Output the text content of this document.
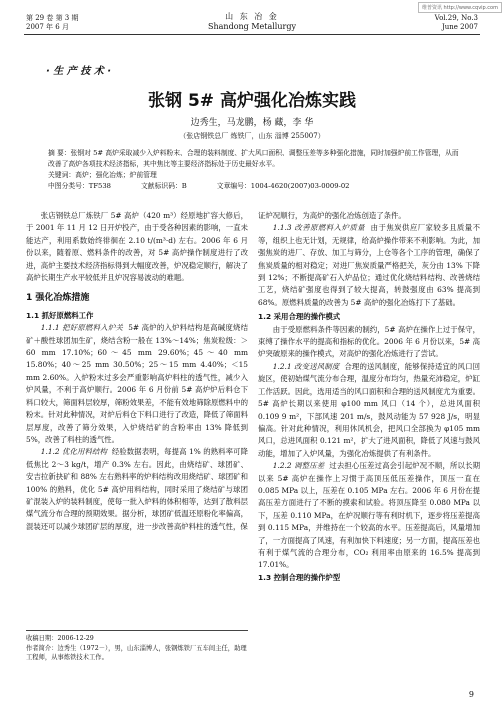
维普资讯 http://www.cqvip.com
第 29 卷 第 3 期
2007 年 6 月
山 东 冶 金
Shandong Metallurgy
Vol.29, No.3
June 2007
· 生 产 技 术 ·
张钢 5# 高炉强化冶炼实践
边秀生，马龙鹏，杨 藏，李 华
（张店钢铁总厂 炼铁厂，山东 淄博 255007）
摘 要：张钢对 5# 高炉采取减少入炉料粉末、合理的装料制度、扩大风口面积、调整压差等多种强化措施，同时加强炉前工作管理，从而改善了高炉各项技术经济指标，其中焦比等主要经济指标处于历史最好水平。
关键词：高炉；强化冶炼；炉前管理
中图分类号：TF538	文献标识码：B	文章编号：1004-4620(2007)03-0009-02

张店钢铁总厂炼铁厂 5# 高炉（420 m³）经原地扩容大修后，于 2001 年 11 月 12 日开炉投产，由于受各种因素的影响，一直未能达产，利用系数始终徘徊在 2.10 t/(m³·d) 左右。2006 年 6 月份以来，随着原、燃料条件的改善，对 5# 高炉操作制度进行了改进，高炉主要技术经济指标得到大幅度改善，炉况稳定顺行，解决了高炉长期生产水平较低并且炉况容易波动的难题。

1 强化冶炼措施
1.1 抓好原燃料工作

1.1.1 把好原燃料入炉关 5# 高炉的入炉料结构是高碱度烧结矿＋酸性球团加生矿，烧结含粉一般在 13%～14%；焦炭粒级：＞60 mm 17.10%；60～45 mm 29.60%；45～40 mm 15.80%；40～25 mm 30.50%；25～15 mm 4.40%；＜15 mm 2.60%。入炉粉末过多会严重影响高炉料柱的透气性，减少入炉风量，不利于高炉顺行。2006 年 6 月份前 5# 高炉炉后料仓下料口较大，筛面料层较厚，筛粉效果差，不能有效地筛除原燃料中的粉末。针对此种情况，对炉后料仓下料口进行了改造，降低了筛面料层厚度，改善了筛分效果，入炉烧结矿的含粉率由 13% 降低到 5%，改善了料柱的透气性。

1.1.2 优化用料结构 经验数据表明，每提高 1% 的熟料率可降低焦比 2～3 kg/t，增产 0.3% 左右。因此，由烧结矿、球团矿、安吉拉新抉矿和 88% 左右熟料率的炉料结构改用烧结矿、球团矿和 100% 的熟料，优化 5# 高炉用料结构，同时采用了烧结矿与球团矿混装入炉的装料制度，使每一批入炉料的体积相等，达到了散料层煤气流分布合理的预期效果。据分析，球团矿低温还原粉化率偏高，混装还可以减少球团矿层的厚度，进一步改善高炉料柱的透气性，保

收稿日期：2006-12-29
作者简介：边秀生（1972－），男，山东淄博人，张钢炼铁厂五车间主任，助理工程师，从事炼铁技术工作。

证炉况顺行，为高炉的强化冶炼创造了条件。

1.1.3 改善原燃料入炉质量 由于焦炭供应厂家较多且质量不等，组织上也无计划，无规律，给高炉操作带来不利影响。为此，加强焦炭的进厂、存放、加工与筛分，上仓等各个工序的管理，确保了焦炭质量的相对稳定；对进厂焦炭质量严格把关，灰分由 13% 下降到 12%；不断提高矿石入炉品位；通过优化烧结料结构、改善烧结工艺，烧结矿强度也得到了较大提高，转鼓强度由 63% 提高到 68%。原燃料质量的改善为 5# 高炉的强化冶炼打下了基础。

1.2 采用合理的操作模式

由于受原燃料条件等因素的制约，5# 高炉在操作上过于保守，束缚了操作水平的提高和指标的优化。2006 年 6 月份以来，5# 高炉突破原来的操作模式，对高炉的强化冶炼进行了尝试。

1.2.1 改变送风制度 合理的送风制度，能够保持适宜的风口回旋区，使初始煤气流分布合理，温度分布均匀，热量充沛稳定，炉缸工作活跃。因此，选用适当的风口面积和合理的送风制度尤为重要。5# 高炉长期以来使用 φ100 mm 风口（14 个），总进风面积 0.109 9 m²，下部风速 201 m/s，鼓风动能为 57 928 J/s，明显偏高。针对此种情况，利用休风机会，把风口全部换为 φ105 mm 风口，总进风面积 0.121 m²，扩大了进风面积，降低了风速与鼓风动能，增加了入炉风量，为强化冶炼提供了有利条件。

1.2.2 调整压差 过去担心压差过高会引起炉况不顺，所以长期以来 5# 高炉在操作上习惯于高顶压低压差操作，顶压一直在 0.085 MPa 以上，压差在 0.105 MPa 左右。2006 年 6 月份在提高压差方面进行了不断的摸索和试验。将顶压降至 0.080 MPa 以下，压差 0.110 MPa，在炉况顺行等有利时机下，逐步将压差提高到 0.115 MPa，并维持在一个较高的水平。压差提高后，风量增加了，一方面提高了风速，有利加快下料速度；另一方面，提高压差也有利于煤气流的合理分布，CO₂ 利用率由原来的 16.5% 提高到 17.01%。

1.3 控制合理的操作炉型
9
